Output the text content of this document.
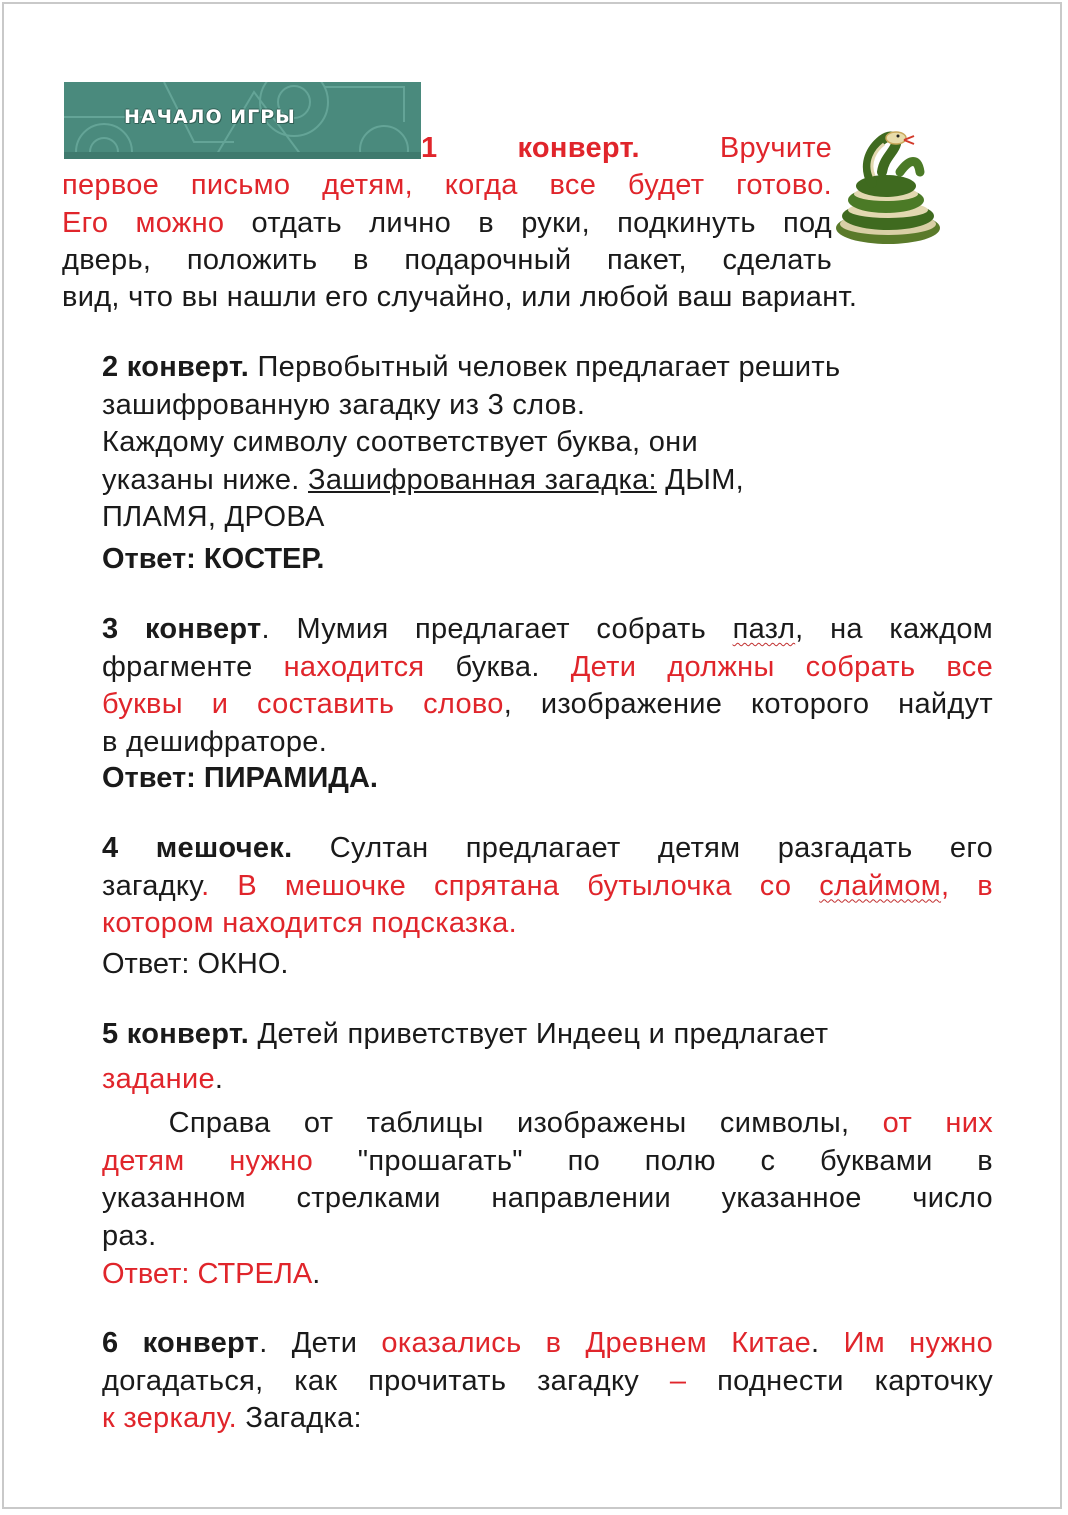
НАЧАЛО ИГРЫ
1	конверт.	Вручите
первое письмо детям, когда все будет готово.
Его можно отдать лично в руки, подкинуть под
дверь, положить в подарочный пакет, сделать
вид, что вы нашли его случайно, или любой ваш вариант.
2 конверт. Первобытный человек предлагает решить
зашифрованную загадку из 3 слов.
Каждому символу соответствует буква, они
указаны ниже. Зашифрованная загадка: ДЫМ,
ПЛАМЯ, ДРОВА
Ответ: КОСТЕР.
3 конверт. Мумия предлагает собрать пазл, на каждом
фрагменте находится буква. Дети должны собрать все
буквы и составить слово, изображение которого найдут
в дешифраторе.
Ответ: ПИРАМИДА.
4 мешочек. Султан предлагает детям разгадать его
загадку. В мешочке спрятана бутылочка со слаймом, в
котором находится подсказка.
Ответ: ОКНО.
5 конверт. Детей приветствует Индеец и предлагает
задание.
Справа от таблицы изображены символы, от них
детям нужно "прошагать" по полю с буквами в
указанном стрелками направлении указанное число
раз.
Ответ: СТРЕЛА.
6 конверт. Дети оказались в Древнем Китае. Им нужно
догадаться, как прочитать загадку – поднести карточку
к зеркалу. Загадка:
